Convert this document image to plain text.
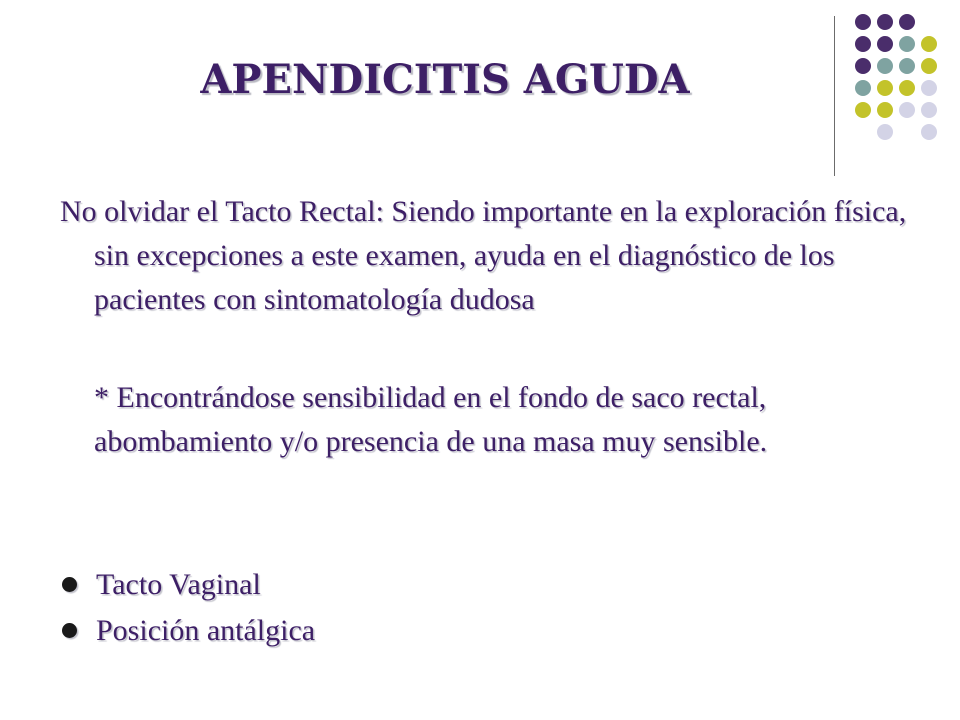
APENDICITIS AGUDA

No olvidar el Tacto Rectal: Siendo importante en la exploración física, sin excepciones a este examen, ayuda en el diagnóstico de los pacientes con sintomatología dudosa

* Encontrándose sensibilidad en el fondo de saco rectal, abombamiento y/o presencia de una masa muy sensible.

Tacto Vaginal
Posición antálgica
